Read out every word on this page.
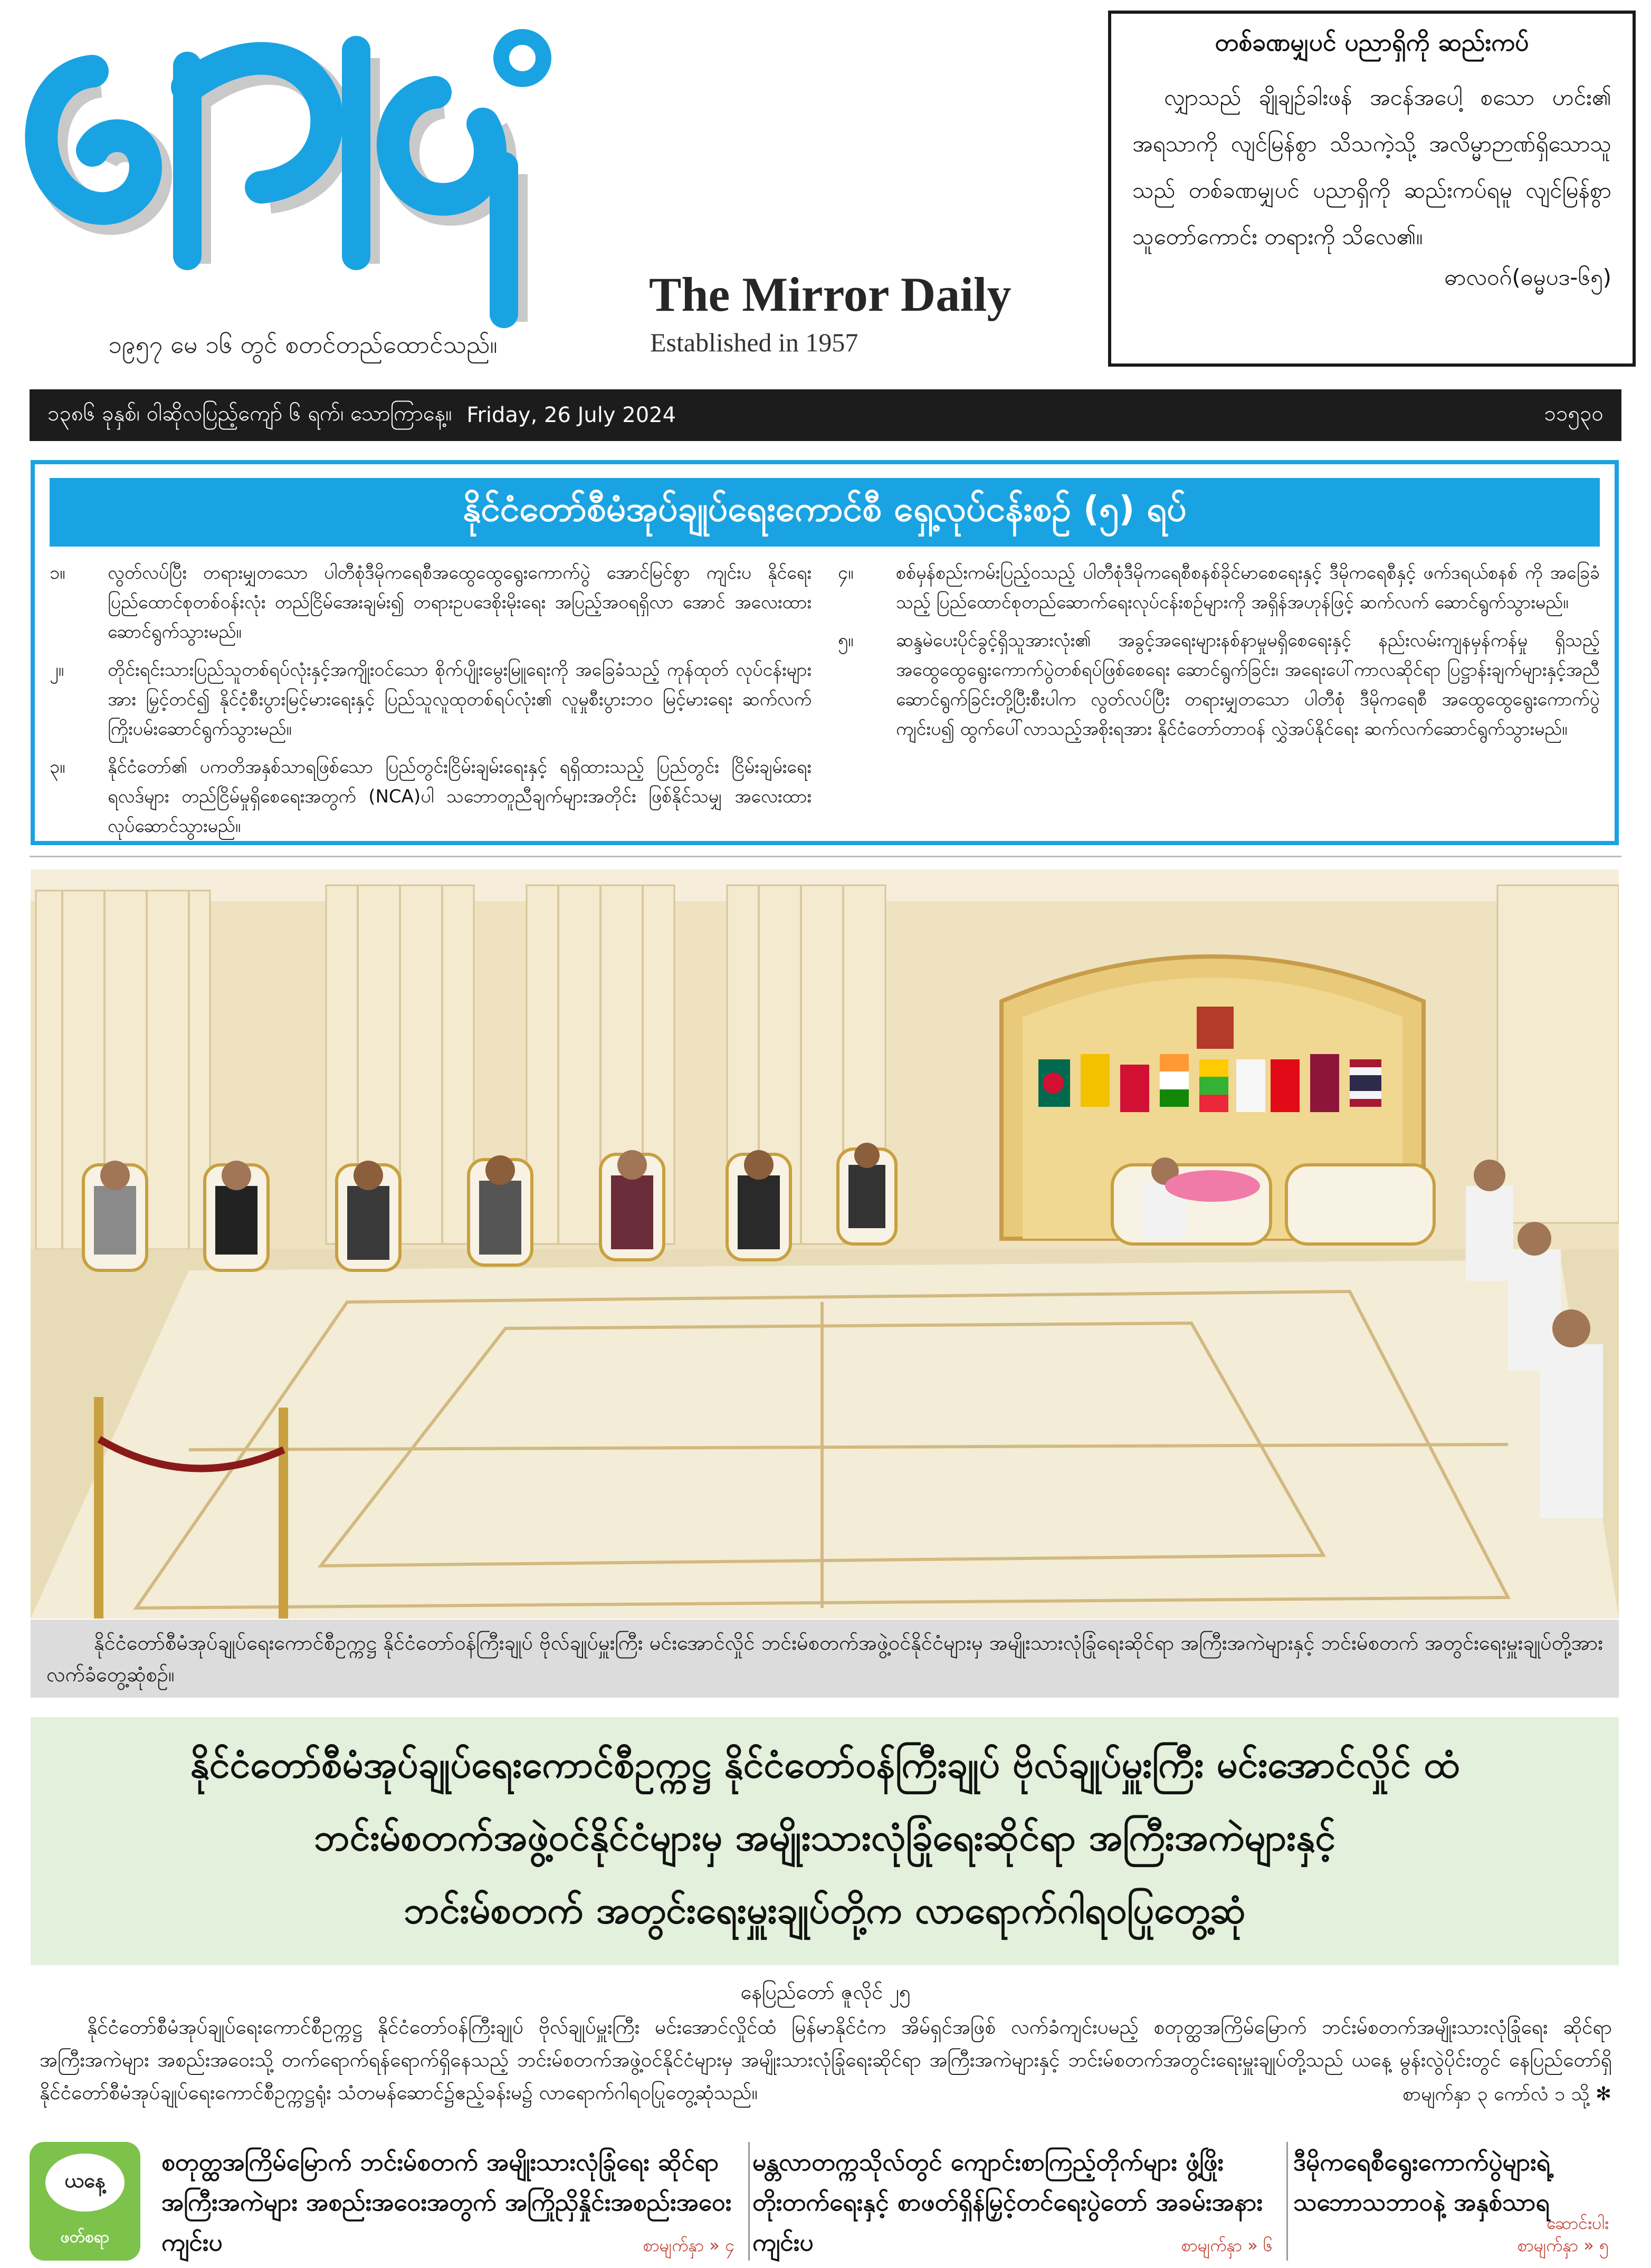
၁၉၅၇ မေ ၁၆ တွင် စတင်တည်ထောင်သည်။
The Mirror Daily
Established in 1957
တစ်ခဏမျှပင် ပညာရှိကို ဆည်းကပ်
လျှာသည် ချိုချဉ်ခါးဖန် အငန်အပေါ့ စသော ဟင်း၏ အရသာကို လျင်မြန်စွာ သိသကဲ့သို့ အလိမ္မာဉာဏ်ရှိသောသူသည် တစ်ခဏမျှပင် ပညာရှိကို ဆည်းကပ်ရမူ လျင်မြန်စွာ သူတော်ကောင်း တရားကို သိလေ၏။
ဓာလဝဂ်(ဓမ္မပဒ-၆၅)
၁၃၈၆ ခုနှစ်၊ ဝါဆိုလပြည့်ကျော် ၆ ရက်၊ သောကြာနေ့။ Friday, 26 July 2024	၁၁၅၃၀
နိုင်ငံတော်စီမံအုပ်ချုပ်ရေးကောင်စီ ရှေ့လုပ်ငန်းစဉ် (၅) ရပ်
၁။	လွတ်လပ်ပြီး တရားမျှတသော ပါတီစုံဒီမိုကရေစီအထွေထွေရွေးကောက်ပွဲ အောင်မြင်စွာ ကျင်းပ နိုင်ရေး ပြည်ထောင်စုတစ်ဝန်းလုံး တည်ငြိမ်အေးချမ်း၍ တရားဥပဒေစိုးမိုးရေး အပြည့်အဝရရှိလာ အောင် အလေးထားဆောင်ရွက်သွားမည်။
၂။	တိုင်းရင်းသားပြည်သူတစ်ရပ်လုံးနှင့်အကျိုးဝင်သော စိုက်ပျိုးမွေးမြူရေးကို အခြေခံသည့် ကုန်ထုတ် လုပ်ငန်းများအား မြှင့်တင်၍ နိုင်ငံ့စီးပွားမြင့်မားရေးနှင့် ပြည်သူလူထုတစ်ရပ်လုံး၏ လူမှုစီးပွားဘဝ မြင့်မားရေး ဆက်လက်ကြိုးပမ်းဆောင်ရွက်သွားမည်။
၃။	နိုင်ငံတော်၏ ပကတိအနှစ်သာရဖြစ်သော ပြည်တွင်းငြိမ်းချမ်းရေးနှင့် ရရှိထားသည့် ပြည်တွင်း ငြိမ်းချမ်းရေးရလဒ်များ တည်ငြိမ်မှုရှိစေရေးအတွက် (NCA)ပါ သဘောတူညီချက်များအတိုင်း ဖြစ်နိုင်သမျှ အလေးထား လုပ်ဆောင်သွားမည်။
၄။	စစ်မှန်စည်းကမ်းပြည့်ဝသည့် ပါတီစုံဒီမိုကရေစီစနစ်ခိုင်မာစေရေးနှင့် ဒီမိုကရေစီနှင့် ဖက်ဒရယ်စနစ် ကို အခြေခံသည့် ပြည်ထောင်စုတည်ဆောက်ရေးလုပ်ငန်းစဉ်များကို အရှိန်အဟုန်ဖြင့် ဆက်လက် ဆောင်ရွက်သွားမည်။
၅။	ဆန္ဒမဲပေးပိုင်ခွင့်ရှိသူအားလုံး၏ အခွင့်အရေးများနစ်နာမှုမရှိစေရေးနှင့် နည်းလမ်းကျနမှန်ကန်မှု ရှိသည့် အထွေထွေရွေးကောက်ပွဲတစ်ရပ်ဖြစ်စေရေး ဆောင်ရွက်ခြင်း၊ အရေးပေါ်ကာလဆိုင်ရာ ပြဋ္ဌာန်းချက်များနှင့်အညီ ဆောင်ရွက်ခြင်းတို့ပြီးစီးပါက လွတ်လပ်ပြီး တရားမျှတသော ပါတီစုံ ဒီမိုကရေစီ အထွေထွေရွေးကောက်ပွဲကျင်းပ၍ ထွက်ပေါ်လာသည့်အစိုးရအား နိုင်ငံတော်တာဝန် လွှဲအပ်နိုင်ရေး ဆက်လက်ဆောင်ရွက်သွားမည်။
နိုင်ငံတော်စီမံအုပ်ချုပ်ရေးကောင်စီဥက္ကဋ္ဌ နိုင်ငံတော်ဝန်ကြီးချုပ် ဗိုလ်ချုပ်မှူးကြီး မင်းအောင်လှိုင် ဘင်းမ်စတက်အဖွဲ့ဝင်နိုင်ငံများမှ အမျိုးသားလုံခြုံရေးဆိုင်ရာ အကြီးအကဲများနှင့် ဘင်းမ်စတက် အတွင်းရေးမှူးချုပ်တို့အား လက်ခံတွေ့ဆုံစဉ်။
နိုင်ငံတော်စီမံအုပ်ချုပ်ရေးကောင်စီဥက္ကဋ္ဌ နိုင်ငံတော်ဝန်ကြီးချုပ် ဗိုလ်ချုပ်မှူးကြီး မင်းအောင်လှိုင် ထံ
ဘင်းမ်စတက်အဖွဲ့ဝင်နိုင်ငံများမှ အမျိုးသားလုံခြုံရေးဆိုင်ရာ အကြီးအကဲများနှင့်
ဘင်းမ်စတက် အတွင်းရေးမှူးချုပ်တို့က လာရောက်ဂါရဝပြုတွေ့ဆုံ
နေပြည်တော် ဇူလိုင် ၂၅
နိုင်ငံတော်စီမံအုပ်ချုပ်ရေးကောင်စီဥက္ကဋ္ဌ နိုင်ငံတော်ဝန်ကြီးချုပ် ဗိုလ်ချုပ်မှူးကြီး မင်းအောင်လှိုင်ထံ မြန်မာနိုင်ငံက အိမ်ရှင်အဖြစ် လက်ခံကျင်းပမည့် စတုတ္ထအကြိမ်မြောက် ဘင်းမ်စတက်အမျိုးသားလုံခြုံရေး ဆိုင်ရာအကြီးအကဲများ အစည်းအဝေးသို့ တက်ရောက်ရန်ရောက်ရှိနေသည့် ဘင်းမ်စတက်အဖွဲ့ဝင်နိုင်ငံများမှ အမျိုးသားလုံခြုံရေးဆိုင်ရာ အကြီးအကဲများနှင့် ဘင်းမ်စတက်အတွင်းရေးမှူးချုပ်တို့သည် ယနေ့ မွန်းလွဲပိုင်းတွင် နေပြည်တော်ရှိ နိုင်ငံတော်စီမံအုပ်ချုပ်ရေးကောင်စီဥက္ကဋ္ဌရုံး သံတမန်ဆောင်၌ဧည့်ခန်းမ၌ လာရောက်ဂါရဝပြုတွေ့ဆုံသည်။	စာမျက်နှာ ၃ ကော်လံ ၁ သို့ ✻
ယနေ့
ဖတ်စရာ
စတုတ္ထအကြိမ်မြောက် ဘင်းမ်စတက် အမျိုးသားလုံခြုံရေး ဆိုင်ရာအကြီးအကဲများ အစည်းအဝေးအတွက် အကြိုညှိနှိုင်းအစည်းအဝေး ကျင်းပ	စာမျက်နှာ » ၄
မန္တလာတက္ကသိုလ်တွင် ကျောင်းစာကြည့်တိုက်များ ဖွံ့ဖြိုးတိုးတက်ရေးနှင့် စာဖတ်ရှိန်မြှင့်တင်ရေးပွဲတော် အခမ်းအနားကျင်းပ	စာမျက်နှာ » ၆
ဒီမိုကရေစီရွေးကောက်ပွဲများရဲ့ သဘောသဘာဝနဲ့ အနှစ်သာရ
ဆောင်းပါး
စာမျက်နှာ » ၅
